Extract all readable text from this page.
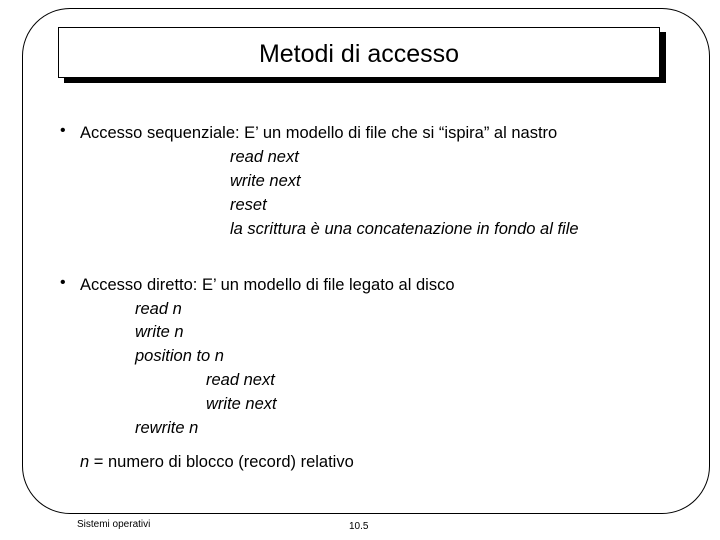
Metodi di accesso
• Accesso sequenziale: E’ un modello di file che si “ispira” al nastro
read next
write next
reset
la scrittura è una concatenazione in fondo al file
• Accesso diretto: E’ un modello di file legato al disco
read n
write n
position to n
read next
write next
rewrite n
n = numero di blocco (record) relativo
Sistemi operativi	10.5
